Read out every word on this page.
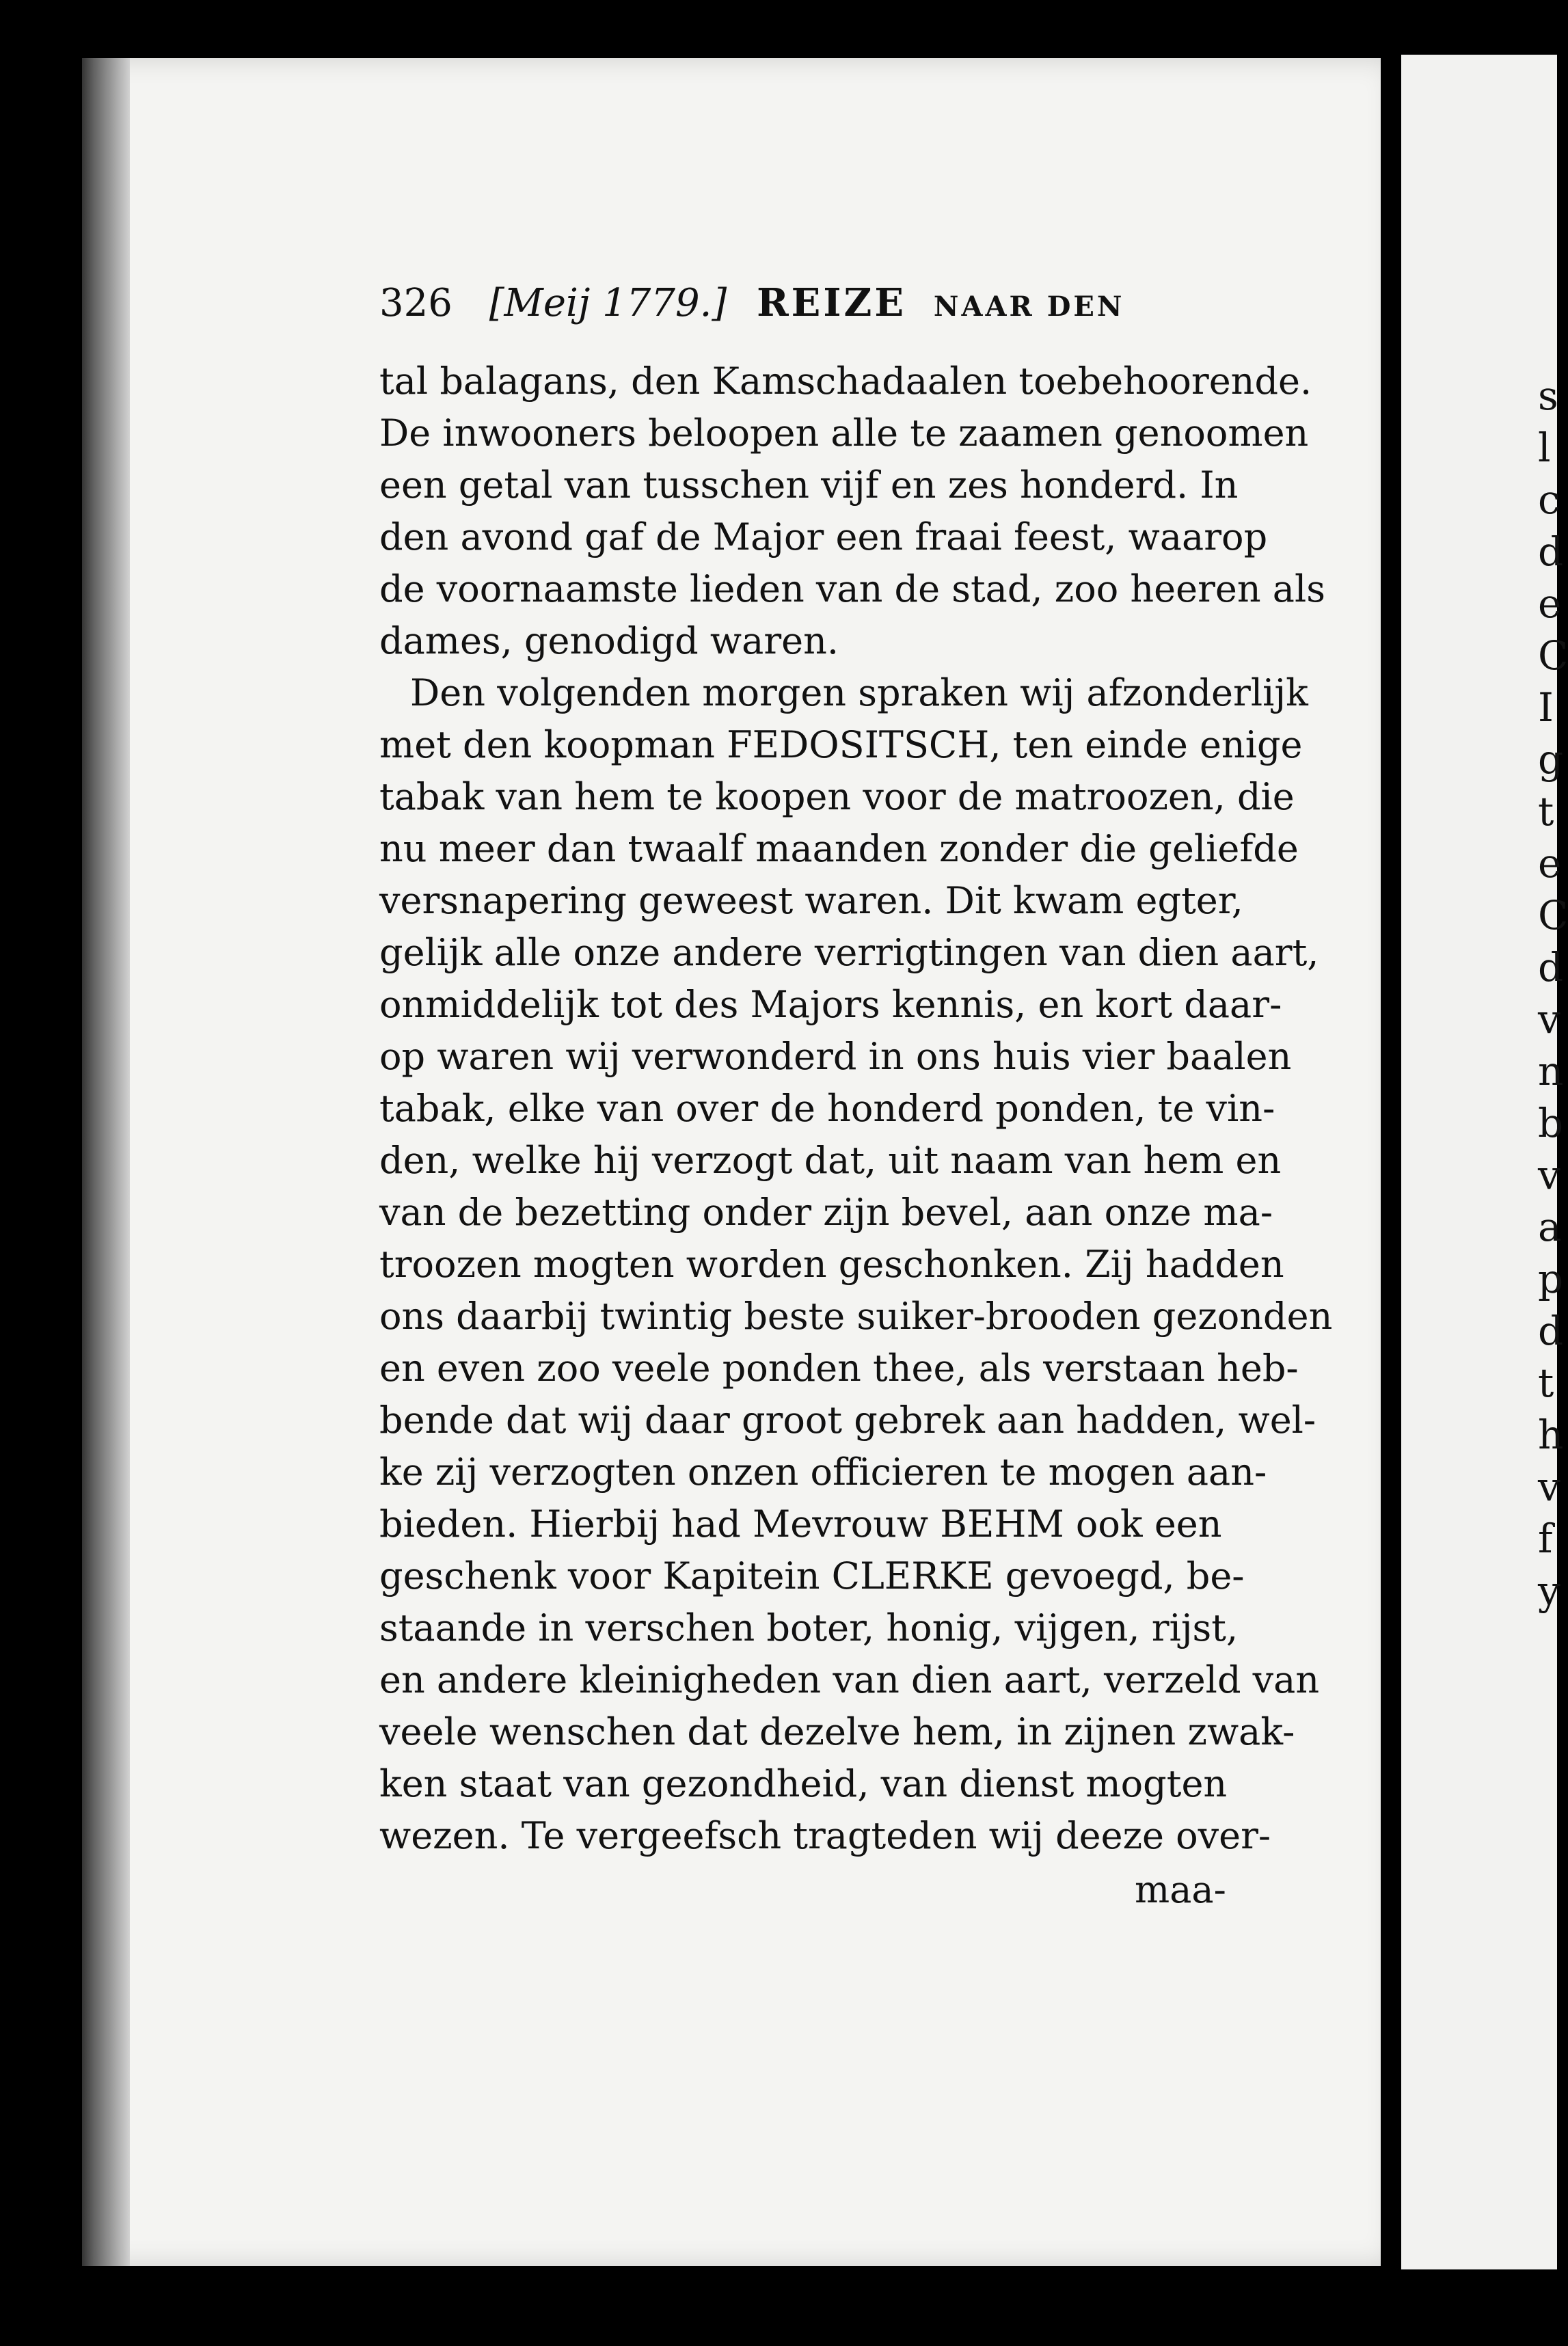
s
l
c
d
e
C
I
g
t
e
C
d
v
n
b
v
a
p
d
t
h
v
f
y
326 [Meij 1779.] REIZE NAAR DEN
tal balagans, den Kamschadaalen toebehoorende.
De inwooners beloopen alle te zaamen genoomen
een getal van tusschen vijf en zes honderd. In
den avond gaf de Major een fraai feest, waarop
de voornaamste lieden van de stad, zoo heeren als
dames, genodigd waren.
Den volgenden morgen spraken wij afzonderlijk
met den koopman FEDOSITSCH, ten einde enige
tabak van hem te koopen voor de matroozen, die
nu meer dan twaalf maanden zonder die geliefde
versnapering geweest waren. Dit kwam egter,
gelijk alle onze andere verrigtingen van dien aart,
onmiddelijk tot des Majors kennis, en kort daar-
op waren wij verwonderd in ons huis vier baalen
tabak, elke van over de honderd ponden, te vin-
den, welke hij verzogt dat, uit naam van hem en
van de bezetting onder zijn bevel, aan onze ma-
troozen mogten worden geschonken. Zij hadden
ons daarbij twintig beste suiker-brooden gezonden
en even zoo veele ponden thee, als verstaan heb-
bende dat wij daar groot gebrek aan hadden, wel-
ke zij verzogten onzen officieren te mogen aan-
bieden. Hierbij had Mevrouw BEHM ook een
geschenk voor Kapitein CLERKE gevoegd, be-
staande in verschen boter, honig, vijgen, rijst,
en andere kleinigheden van dien aart, verzeld van
veele wenschen dat dezelve hem, in zijnen zwak-
ken staat van gezondheid, van dienst mogten
wezen. Te vergeefsch tragteden wij deeze over-
maa-
